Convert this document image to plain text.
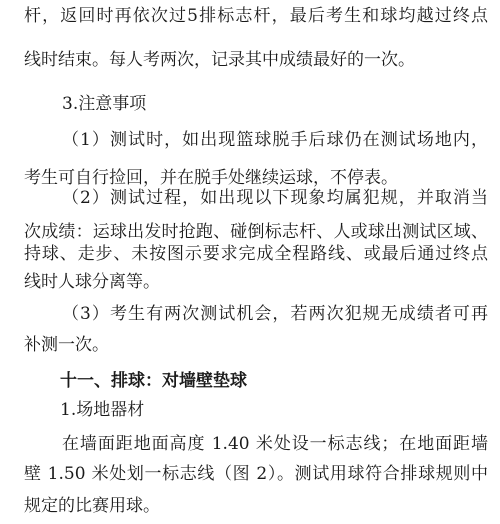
杆，返回时再依次过5排标志杆，最后考生和球均越过终点
线时结束。每人考两次，记录其中成绩最好的一次。
3.注意事项
（1）测试时，如出现篮球脱手后球仍在测试场地内，
考生可自行捡回，并在脱手处继续运球，不停表。
（2）测试过程，如出现以下现象均属犯规，并取消当
次成绩：运球出发时抢跑、碰倒标志杆、人或球出测试区域、
持球、走步、未按图示要求完成全程路线、或最后通过终点
线时人球分离等。
（3）考生有两次测试机会，若两次犯规无成绩者可再
补测一次。
十一、排球：对墙壁垫球
1.场地器材
在墙面距地面高度 1.40 米处设一标志线；在地面距墙
壁 1.50 米处划一标志线（图 2）。测试用球符合排球规则中
规定的比赛用球。
